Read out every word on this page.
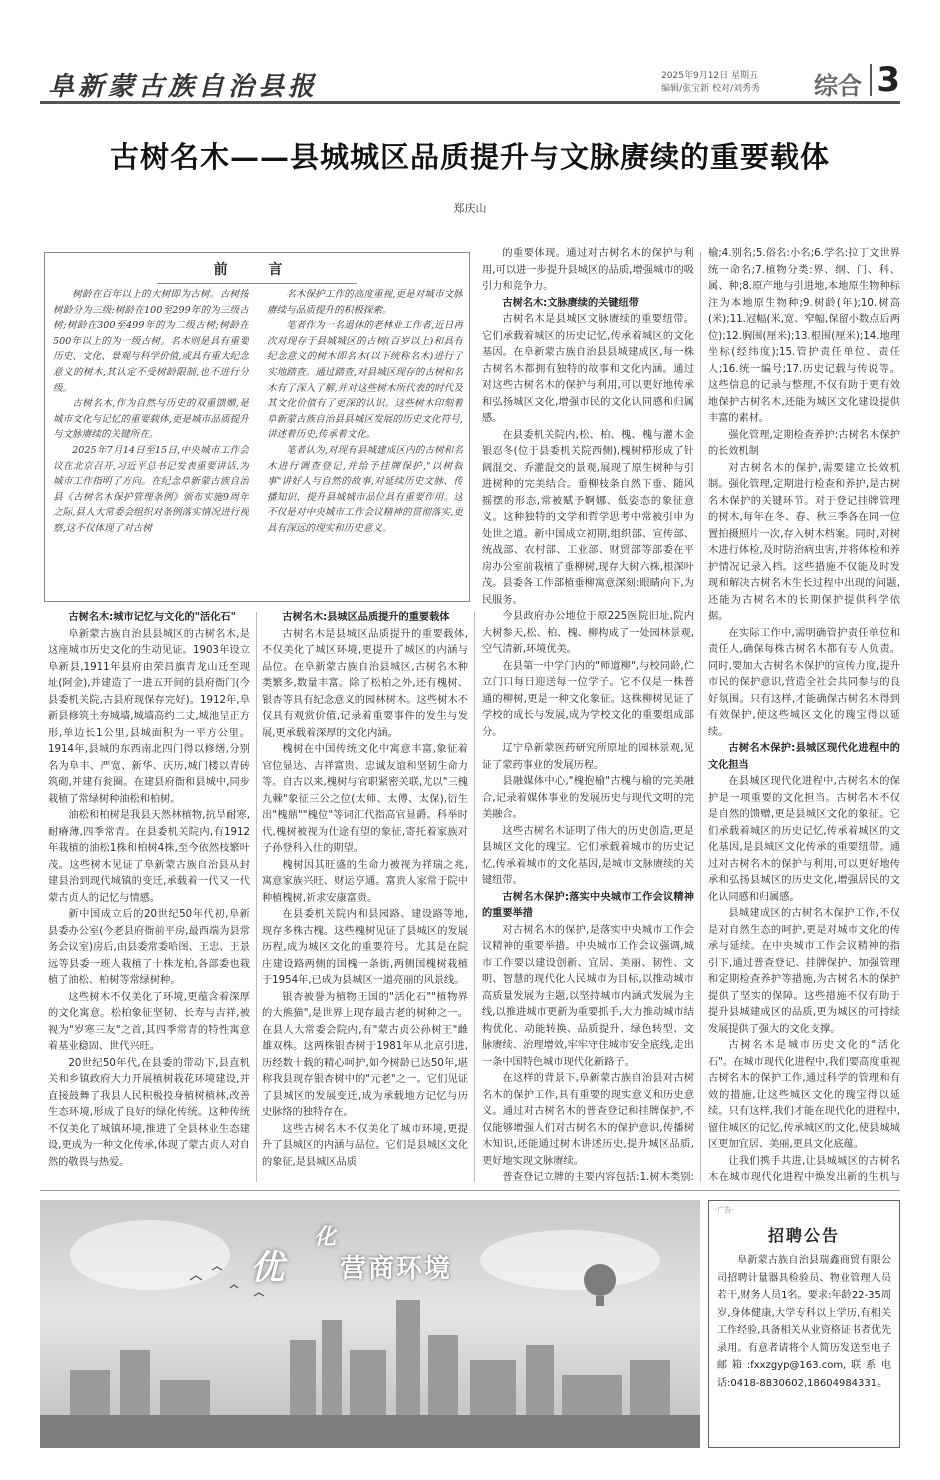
阜新蒙古族自治县报	2025年9月12日 星期五
编辑/张宝新 校对/刘秀秀 综合 3
古树名木——县城城区品质提升与文脉赓续的重要载体
郑庆山
前 言

树龄在百年以上的大树即为古树。古树按树龄分为三级:树龄在100至299年的为三级古树;树龄在300至499年的为二级古树;树龄在500年以上的为一级古树。名木则是具有重要历史、文化、景观与科学价值,或具有重大纪念意义的树木,其认定不受树龄限制,也不进行分级。

古树名木,作为自然与历史的双重馈赠,是城市文化与记忆的重要载体,更是城市品质提升与文脉赓续的关键所在。

2025年7月14日至15日,中央城市工作会议在北京召开,习近平总书记发表重要讲话,为城市工作指明了方向。在纪念阜新蒙古族自治县《古树名木保护管理条例》颁布实施9周年之际,县人大常委会组织对条例落实情况进行视察,这不仅体现了对古树

名木保护工作的高度重视,更是对城市文脉赓续与品质提升的积极探索。

笔者作为一名退休的老林业工作者,近日再次对现存于县城城区的古树(百岁以上)和具有纪念意义的树木即名木(以下统称名木)进行了实地踏查。通过踏查,对县城区现存的古树和名木有了深入了解,并对这些树木所代表的时代及其文化价值有了更深的认识。这些树木印刻着阜新蒙古族自治县县城区发展的历史文化符号,讲述着历史,传承着文化。

笔者认为,对现有县城建成区内的古树和名木进行调查登记,并给予挂牌保护,"以树叙事"讲好人与自然的故事,对延续历史文脉、传播知识、提升县城城市品位具有重要作用。这不仅是对中央城市工作会议精神的贯彻落实,更具有深远的现实和历史意义。

古树名木:城市记忆与文化的"活化石"

阜新蒙古族自治县县城区的古树名木,是这座城市历史文化的生动见证。1903年设立阜新县,1911年县府由荣昌旗青龙山迁至现址(阿金),并建造了一进五开间的县府衙门(今县委机关院,古县府现保存完好)。1912年,阜新县修筑土夯城墙,城墙高约二丈,城池呈正方形,单边长1公里,县城面积为一平方公里。1914年,县城的东西南北四门得以修缮,分别名为阜丰、严宽、新华、庆历,城门楼以青砖筑砌,并建有瓮圈。在建县府衙和县城中,同步栽植了常绿树种油松和柏树。

油松和柏树是我县天然林植物,抗旱耐寒,耐瘠薄,四季常青。在县委机关院内,有1912年栽植的油松1株和柏树4株,至今依然枝繁叶茂。这些树木见证了阜新蒙古族自治县从封建县治到现代城镇的变迁,承载着一代又一代蒙古贞人的记忆与情感。

新中国成立后的20世纪50年代初,阜新县委办公室(今老县府衙前平房,最西端为县常务会议室)房后,由县委常委哈图、王忠、王景远等县委一班人栽植了十株龙柏,各部委也栽植了油松、柏树等常绿树种。

这些树木不仅美化了环境,更蕴含着深厚的文化寓意。松柏象征坚韧、长寿与吉祥,被视为"岁寒三友"之首,其四季常青的特性寓意着基业稳固、世代兴旺。

20世纪50年代,在县委的带动下,县直机关和乡镇政府大力开展植树栽花环境建设,并直接鼓舞了我县人民积极投身植树植林,改善生态环境,形成了良好的绿化传统。这种传统不仅美化了城镇环境,推进了全县林业生态建设,更成为一种文化传承,体现了蒙古贞人对自然的敬畏与热爱。

古树名木:县城区品质提升的重要载体

古树名木是县城区品质提升的重要载体,不仅美化了城区环境,更提升了城区的内涵与品位。在阜新蒙古族自治县城区,古树名木种类繁多,数量丰富。除了松柏之外,还有槐树、银杏等具有纪念意义的园林树木。这些树木不仅具有观赏价值,记录着重要事件的发生与发展,更承载着深厚的文化内涵。

槐树在中国传统文化中寓意丰富,象征着官位显达、吉祥富贵、忠诚友谊和坚韧生命力等。自古以来,槐树与官职紧密关联,尤以"三槐九棘"象征三公之位(太师、太傅、太保),衍生出"槐鼎""槐位"等词汇代指高官显爵。科举时代,槐树被视为仕途有望的象征,寄托着家族对子孙登科入仕的期望。

槐树因其旺盛的生命力被视为祥瑞之兆,寓意家族兴旺、财运亨通。富贵人家常于院中种植槐树,祈求安康富贵。

在县委机关院内和县园路、建设路等地,现存多株古槐。这些槐树见证了县城区的发展历程,成为城区文化的重要符号。尤其是在院庄建设路两侧的国槐一条街,两侧国槐树栽植于1954年,已成为县城区一道亮丽的风景线。

银杏被誉为植物王国的"活化石""植物界的大熊猫",是世界上现存最古老的树种之一。在县人大常委会院内,有"蒙古贞公孙树王"雌雄双株。这两株银杏树于1981年从北京引进,历经数十载的精心呵护,如今树龄已达50年,堪称我县现存银杏树中的"元老"之一。它们见证了县城区的发展变迁,成为承载地方记忆与历史脉络的独特存在。

这些古树名木不仅美化了城市环境,更提升了县城区的内涵与品位。它们是县城区文化的象征,是县城区品质

的重要体现。通过对古树名木的保护与利用,可以进一步提升县城区的品质,增强城市的吸引力和竞争力。

古树名木:文脉赓续的关键纽带

古树名木是县城区文脉赓续的重要纽带。它们承载着城区的历史记忆,传承着城区的文化基因。在阜新蒙古族自治县县城建成区,每一株古树名木都拥有独特的故事和文化内涵。通过对这些古树名木的保护与利用,可以更好地传承和弘扬城区文化,增强市民的文化认同感和归属感。

在县委机关院内,松、柏、槐、槐与灌木金银忍冬(位于县委机关院西侧),槐树栉形成了针阔混交、乔灌混交的景观,展现了原生树种与引进树种的完美结合。垂柳枝条自然下垂、随风摇摆的形态,常被赋予婀娜、低姿态的象征意义。这种独特的文学和哲学思考中常被引申为处世之道。新中国成立初期,组织部、宣传部、统战部、农村部、工业部、财贸部等部委在平房办公室前栽植了垂柳树,现存大树六株,根深叶茂。县委各工作部植垂柳寓意深刻:眼睛向下,为民服务。

今县政府办公地位于原225医院旧址,院内大树参天,松、柏、槐、柳构成了一处园林景观,空气清新,环境优美。

在县第一中学门内的"师道柳",与校同龄,伫立门口每日迎送每一位学子。它不仅是一株普通的柳树,更是一种文化象征。这株柳树见证了学校的成长与发展,成为学校文化的重要组成部分。

辽宁阜新蒙医药研究所原址的园林景观,见证了蒙药事业的发展历程。

县融媒体中心,"槐抱榆"古槐与榆的完美融合,记录着媒体事业的发展历史与现代文明的完美融合。

这些古树名木证明了伟大的历史创造,更是县城区文化的瑰宝。它们承载着城市的历史记忆,传承着城市的文化基因,是城市文脉赓续的关键纽带。

古树名木保护:落实中央城市工作会议精神的重要举措

对古树名木的保护,是落实中央城市工作会议精神的重要举措。中央城市工作会议强调,城市工作要以建设创新、宜居、美丽、韧性、文明、智慧的现代化人民城市为目标,以推动城市高质量发展为主题,以坚持城市内涵式发展为主线,以推进城市更新为重要抓手,大力推动城市结构优化、动能转换、品质提升、绿色转型、文脉赓续、治理增效,牢牢守住城市安全底线,走出一条中国特色城市现代化新路子。

在这样的背景下,阜新蒙古族自治县对古树名木的保护工作,具有重要的现实意义和历史意义。通过对古树名木的普查登记和挂牌保护,不仅能够增强人们对古树名木的保护意识,传播树木知识,还能通过树木讲述历史,提升城区品质,更好地实现文脉赓续。

普查登记立牌的主要内容包括:1.树木类别:

榆;4.别名;5.俗名:小名;6.学名:拉丁文世界统一命名;7.植物分类:界、纲、门、科、属、种;8.原产地与引进地,本地原生物种标注为本地原生物种;9.树龄(年);10.树高(米);11.冠幅(米,宽、窄幅,保留小数点后两位);12.胸围(厘米);13.根围(厘米);14.地理坐标(经纬度);15.管护责任单位、责任人;16.统一编号;17.历史记载与传说等。这些信息的记录与整理,不仅有助于更有效地保护古树名木,还能为城区文化建设提供丰富的素材。

强化管理,定期检查养护:古树名木保护的长效机制

对古树名木的保护,需要建立长效机制。强化管理,定期进行检查和养护,是古树名木保护的关键环节。对于登记挂牌管理的树木,每年在冬、春、秋三季各在同一位置拍摄照片一次,存入树木档案。同时,对树木进行体检,及时防治病虫害,并将体检和养护情况记录入档。这些措施不仅能及时发现和解决古树名木生长过程中出现的问题,还能为古树名木的长期保护提供科学依据。

在实际工作中,需明确管护责任单位和责任人,确保每株古树名木都有专人负责。同时,要加大古树名木保护的宣传力度,提升市民的保护意识,营造全社会共同参与的良好氛围。只有这样,才能确保古树名木得到有效保护,使这些城区文化的瑰宝得以延续。

古树名木保护:县城区现代化进程中的文化担当

在县城区现代化进程中,古树名木的保护是一项重要的文化担当。古树名木不仅是自然的馈赠,更是县城区文化的象征。它们承载着城区的历史记忆,传承着城区的文化基因,是县城区文化传承的重要纽带。通过对古树名木的保护与利用,可以更好地传承和弘扬县城区的历史文化,增强居民的文化认同感和归属感。

县城建成区的古树名木保护工作,不仅是对自然生态的呵护,更是对城市文化的传承与延续。在中央城市工作会议精神的指引下,通过普查登记、挂牌保护、加强管理和定期检查养护等措施,为古树名木的保护提供了坚实的保障。这些措施不仅有助于提升县城建成区的品质,更为城区的可持续发展提供了强大的文化支撑。

古树名木是城市历史文化的"活化石"。在城市现代化进程中,我们要高度重视古树名木的保护工作,通过科学的管理和有效的措施,让这些城区文化的瑰宝得以延续。只有这样,我们才能在现代化的进程中,留住城区的记忆,传承城区的文化,使县城城区更加宜居、美丽,更具文化底蕴。

让我们携手共进,让县城城区的古树名木在城市现代化进程中焕发出新的生机与

化
优 营商环境
·广告·
招聘公告
阜新蒙古族自治县瑞鑫商贸有限公司招聘计量器具检验员、物业管理人员若干,财务人员1名。要求:年龄22-35周岁,身体健康,大学专科以上学历,有相关工作经验,具备相关从业资格证书者优先录用。有意者请将个人简历发送至电子邮箱:fxxzgyp@163.com,联系电话:0418-8830602,18604984331。
